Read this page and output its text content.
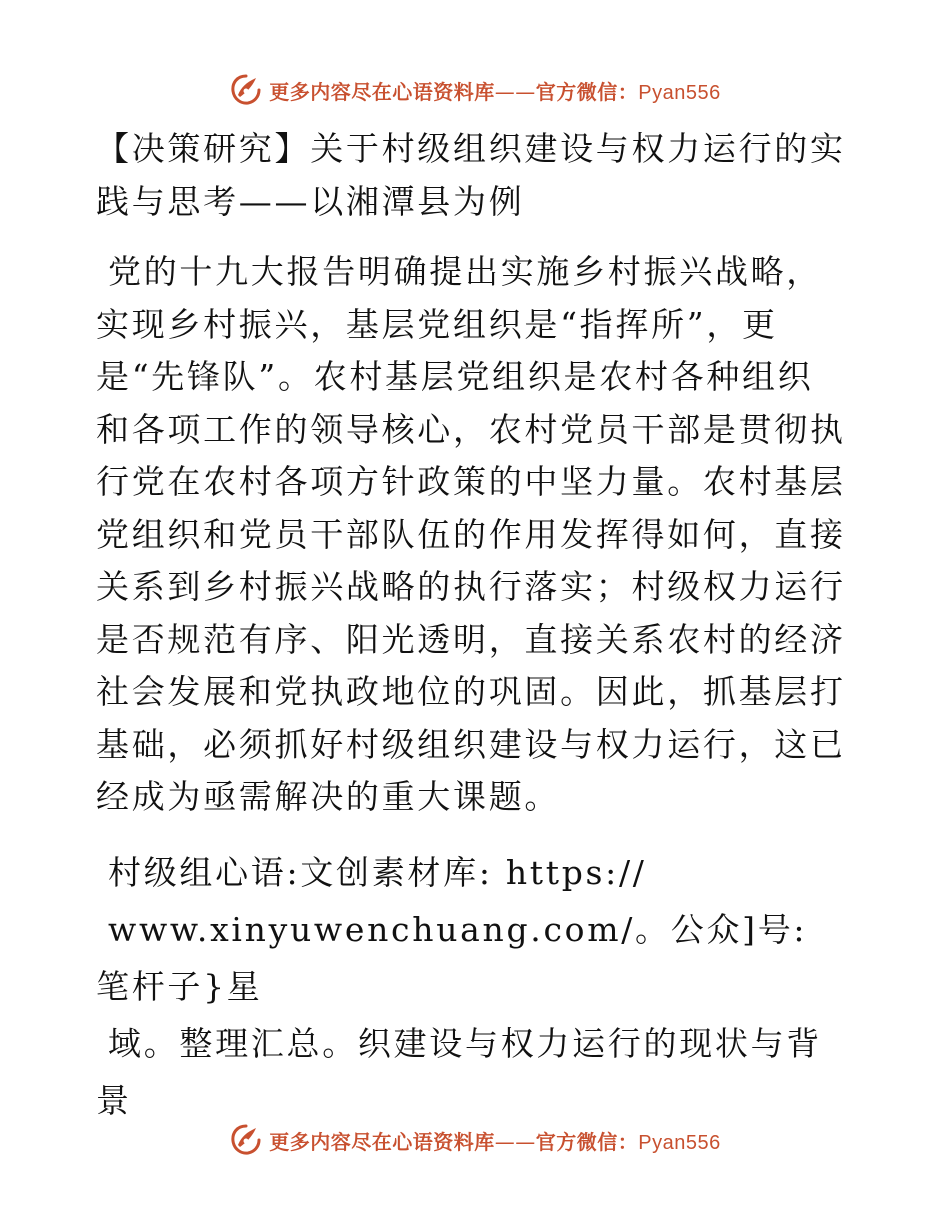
更多内容尽在心语资料库——官方微信：Pyan556
【决策研究】关于村级组织建设与权力运行的实践与思考——以湘潭县为例

党的十九大报告明确提出实施乡村振兴战略，实现乡村振兴，基层党组织是“指挥所”，更是“先锋队”。农村基层党组织是农村各种组织和各项工作的领导核心，农村党员干部是贯彻执行党在农村各项方针政策的中坚力量。农村基层党组织和党员干部队伍的作用发挥得如何，直接关系到乡村振兴战略的执行落实；村级权力运行是否规范有序、阳光透明，直接关系农村的经济社会发展和党执政地位的巩固。因此，抓基层打基础，必须抓好村级组织建设与权力运行，这已经成为亟需解决的重大课题。

村级组心语:文创素材库: https://
www.xinyuwenchuang.com/。公众]号: 笔杆子}星
域。整理汇总。织建设与权力运行的现状与背景

更多内容尽在心语资料库——官方微信：Pyan556
